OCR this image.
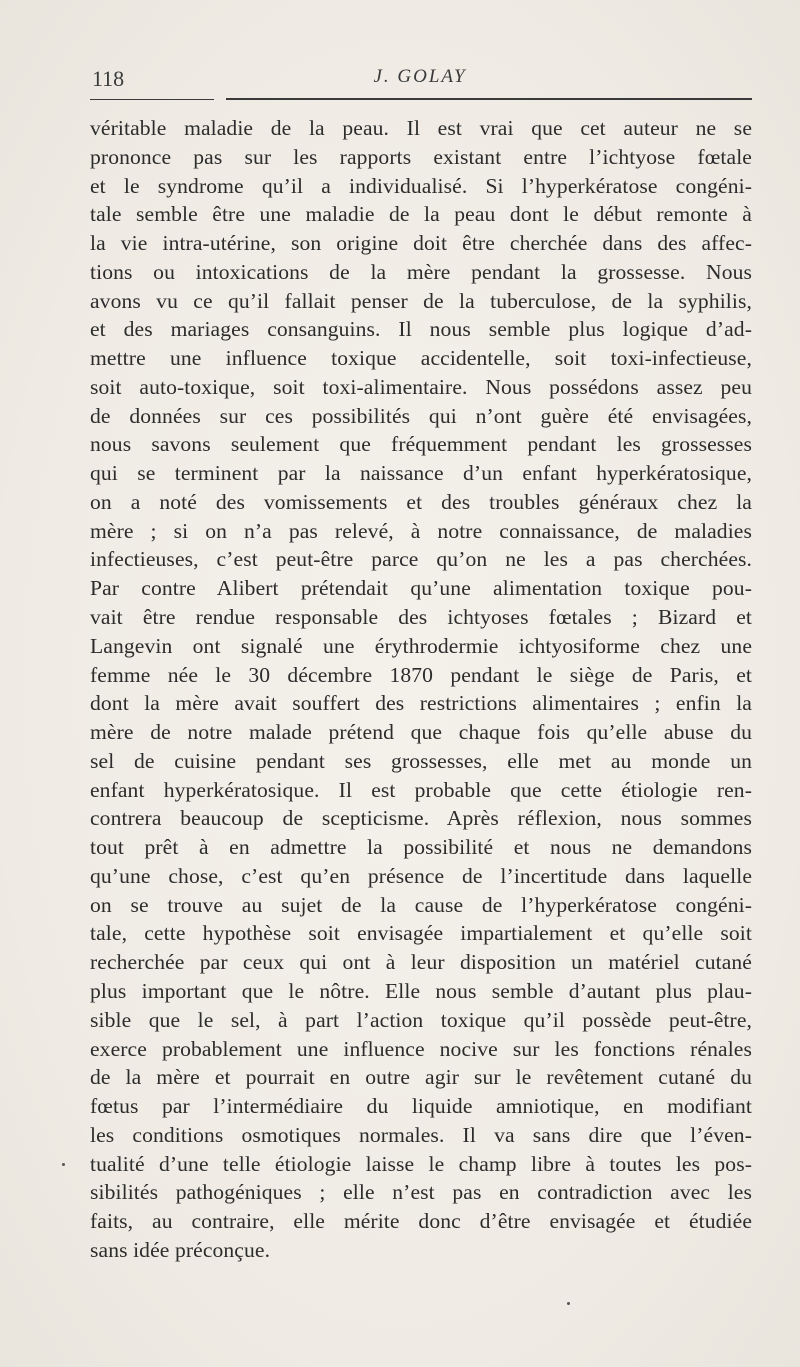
118	J. GOLAY
véritable maladie de la peau. Il est vrai que cet auteur ne se
prononce pas sur les rapports existant entre l’ichtyose fœtale
et le syndrome qu’il a individualisé. Si l’hyperkératose congéni-
tale semble être une maladie de la peau dont le début remonte à
la vie intra-utérine, son origine doit être cherchée dans des affec-
tions ou intoxications de la mère pendant la grossesse. Nous
avons vu ce qu’il fallait penser de la tuberculose, de la syphilis,
et des mariages consanguins. Il nous semble plus logique d’ad-
mettre une influence toxique accidentelle, soit toxi-infectieuse,
soit auto-toxique, soit toxi-alimentaire. Nous possédons assez peu
de données sur ces possibilités qui n’ont guère été envisagées,
nous savons seulement que fréquemment pendant les grossesses
qui se terminent par la naissance d’un enfant hyperkératosique,
on a noté des vomissements et des troubles généraux chez la
mère ; si on n’a pas relevé, à notre connaissance, de maladies
infectieuses, c’est peut-être parce qu’on ne les a pas cherchées.
Par contre Alibert prétendait qu’une alimentation toxique pou-
vait être rendue responsable des ichtyoses fœtales ; Bizard et
Langevin ont signalé une érythrodermie ichtyosiforme chez une
femme née le 30 décembre 1870 pendant le siège de Paris, et
dont la mère avait souffert des restrictions alimentaires ; enfin la
mère de notre malade prétend que chaque fois qu’elle abuse du
sel de cuisine pendant ses grossesses, elle met au monde un
enfant hyperkératosique. Il est probable que cette étiologie ren-
contrera beaucoup de scepticisme. Après réflexion, nous sommes
tout prêt à en admettre la possibilité et nous ne demandons
qu’une chose, c’est qu’en présence de l’incertitude dans laquelle
on se trouve au sujet de la cause de l’hyperkératose congéni-
tale, cette hypothèse soit envisagée impartialement et qu’elle soit
recherchée par ceux qui ont à leur disposition un matériel cutané
plus important que le nôtre. Elle nous semble d’autant plus plau-
sible que le sel, à part l’action toxique qu’il possède peut-être,
exerce probablement une influence nocive sur les fonctions rénales
de la mère et pourrait en outre agir sur le revêtement cutané du
fœtus par l’intermédiaire du liquide amniotique, en modifiant
les conditions osmotiques normales. Il va sans dire que l’éven-
tualité d’une telle étiologie laisse le champ libre à toutes les pos-
sibilités pathogéniques ; elle n’est pas en contradiction avec les
faits, au contraire, elle mérite donc d’être envisagée et étudiée
sans idée préconçue.
